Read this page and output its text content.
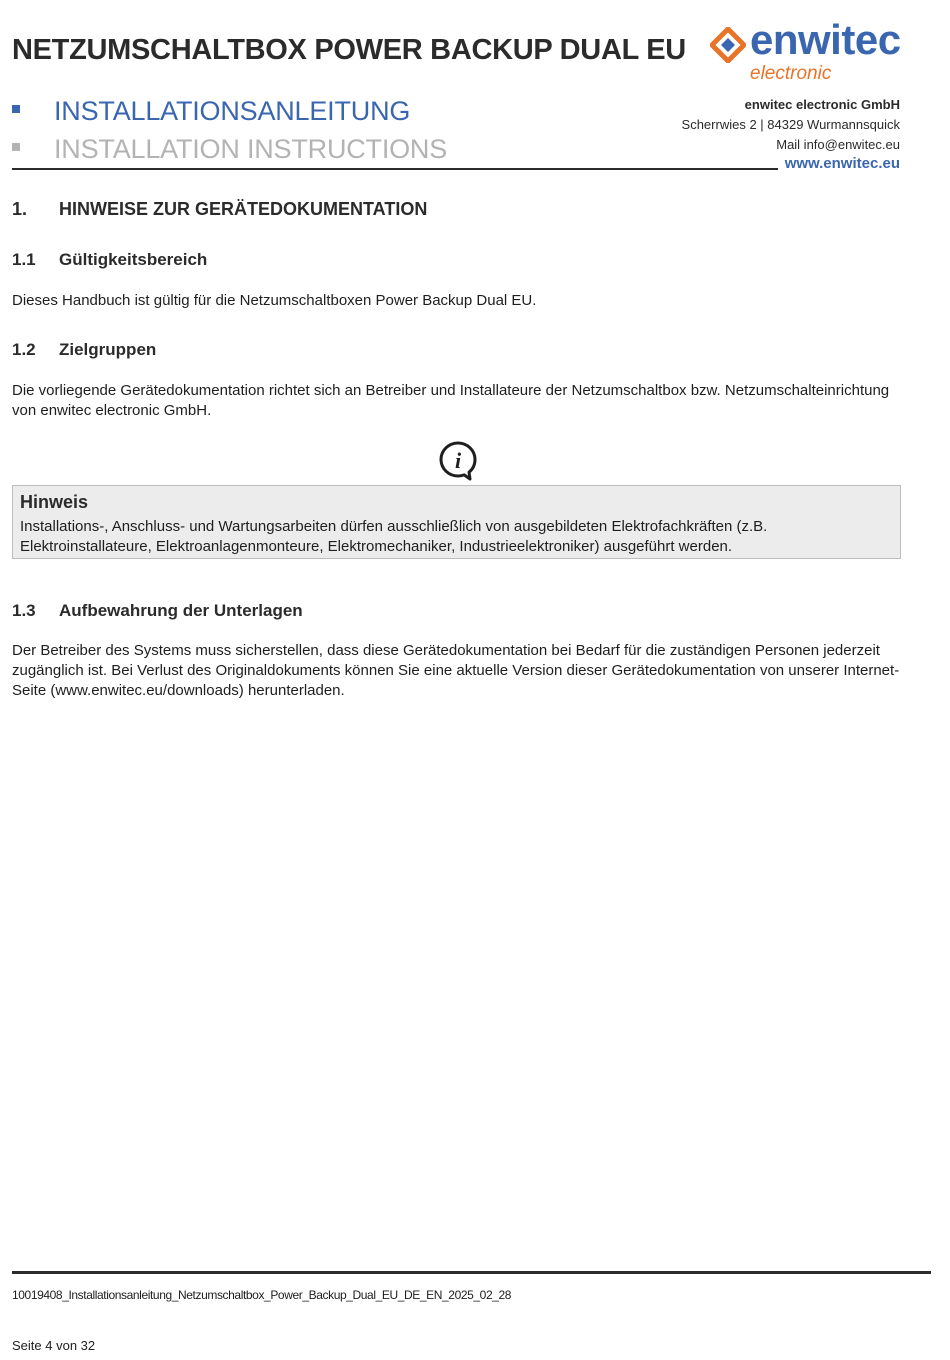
NETZUMSCHALTBOX POWER BACKUP DUAL EU
INSTALLATIONSANLEITUNG
INSTALLATION INSTRUCTIONS
enwitec
electronic
enwitec electronic GmbH
Scherrwies 2 | 84329 Wurmannsquick
Mail info@enwitec.eu
www.enwitec.eu
1. HINWEISE ZUR GERÄTEDOKUMENTATION
1.1 Gültigkeitsbereich
Dieses Handbuch ist gültig für die Netzumschaltboxen Power Backup Dual EU.
1.2 Zielgruppen
Die vorliegende Gerätedokumentation richtet sich an Betreiber und Installateure der Netzumschaltbox bzw. Netzumschalteinrichtung von enwitec electronic GmbH.
i
Hinweis
Installations-, Anschluss- und Wartungsarbeiten dürfen ausschließlich von ausgebildeten Elektrofachkräften (z.B. Elektroinstallateure, Elektroanlagenmonteure, Elektromechaniker, Industrieelektroniker) ausgeführt werden.
1.3 Aufbewahrung der Unterlagen
Der Betreiber des Systems muss sicherstellen, dass diese Gerätedokumentation bei Bedarf für die zuständigen Personen jederzeit zugänglich ist. Bei Verlust des Originaldokuments können Sie eine aktuelle Version dieser Gerätedokumentation von unserer Internet-Seite (www.enwitec.eu/downloads) herunterladen.
10019408_Installationsanleitung_Netzumschaltbox_Power_Backup_Dual_EU_DE_EN_2025_02_28
Seite 4 von 32
